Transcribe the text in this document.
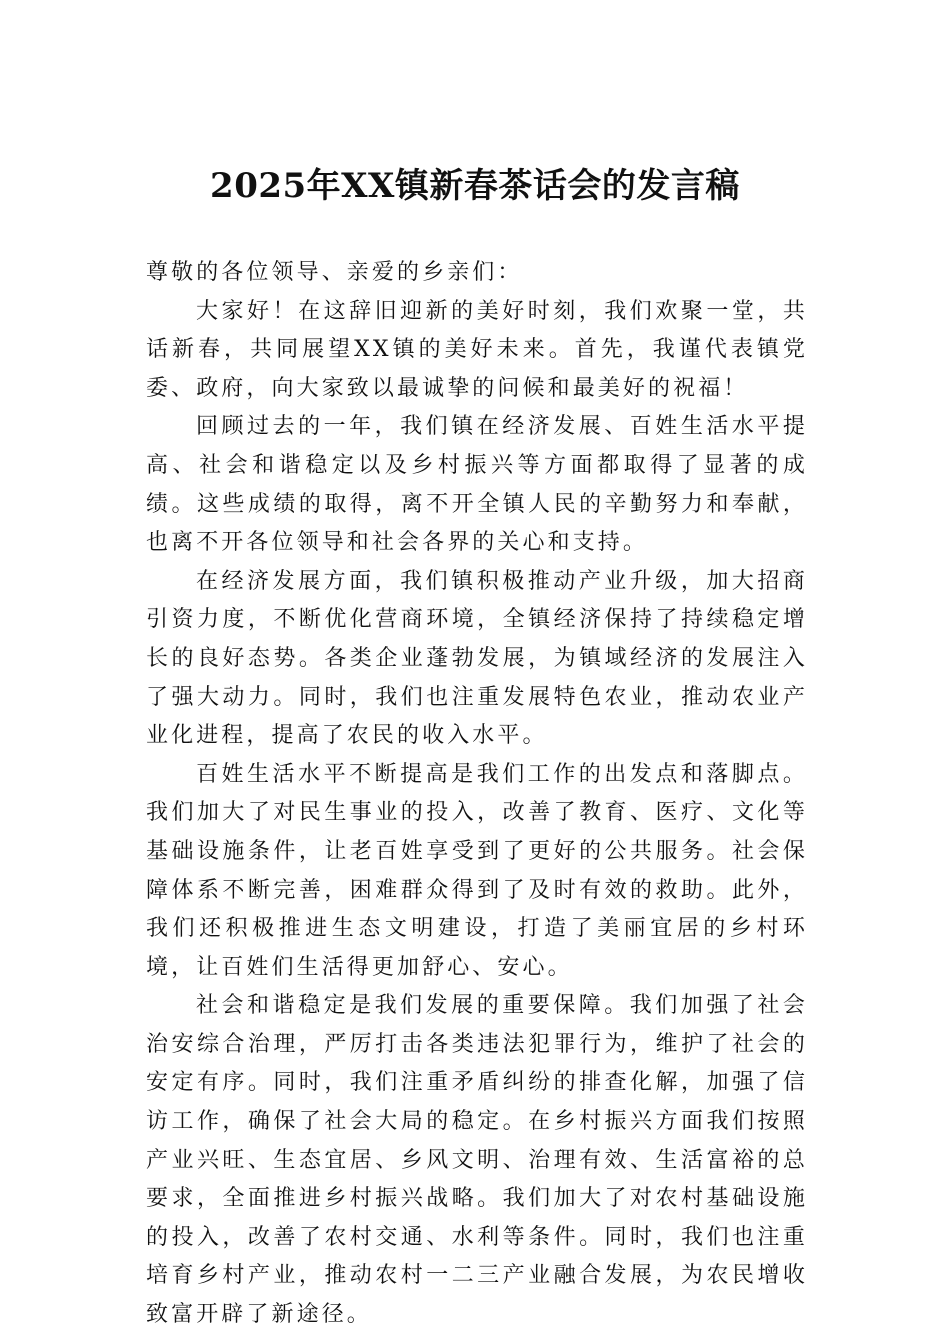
2025年XX镇新春茶话会的发言稿

尊敬的各位领导、亲爱的乡亲们：

大家好！在这辞旧迎新的美好时刻，我们欢聚一堂，共话新春，共同展望XX镇的美好未来。首先，我谨代表镇党委、政府，向大家致以最诚挚的问候和最美好的祝福！

回顾过去的一年，我们镇在经济发展、百姓生活水平提高、社会和谐稳定以及乡村振兴等方面都取得了显著的成绩。这些成绩的取得，离不开全镇人民的辛勤努力和奉献，也离不开各位领导和社会各界的关心和支持。

在经济发展方面，我们镇积极推动产业升级，加大招商引资力度，不断优化营商环境，全镇经济保持了持续稳定增长的良好态势。各类企业蓬勃发展，为镇域经济的发展注入了强大动力。同时，我们也注重发展特色农业，推动农业产业化进程，提高了农民的收入水平。

百姓生活水平不断提高是我们工作的出发点和落脚点。我们加大了对民生事业的投入，改善了教育、医疗、文化等基础设施条件，让老百姓享受到了更好的公共服务。社会保障体系不断完善，困难群众得到了及时有效的救助。此外，我们还积极推进生态文明建设，打造了美丽宜居的乡村环境，让百姓们生活得更加舒心、安心。

社会和谐稳定是我们发展的重要保障。我们加强了社会治安综合治理，严厉打击各类违法犯罪行为，维护了社会的安定有序。同时，我们注重矛盾纠纷的排查化解，加强了信访工作，确保了社会大局的稳定。在乡村振兴方面我们按照产业兴旺、生态宜居、乡风文明、治理有效、生活富裕的总要求，全面推进乡村振兴战略。我们加大了对农村基础设施的投入，改善了农村交通、水利等条件。同时，我们也注重培育乡村产业，推动农村一二三产业融合发展，为农民增收致富开辟了新途径。
